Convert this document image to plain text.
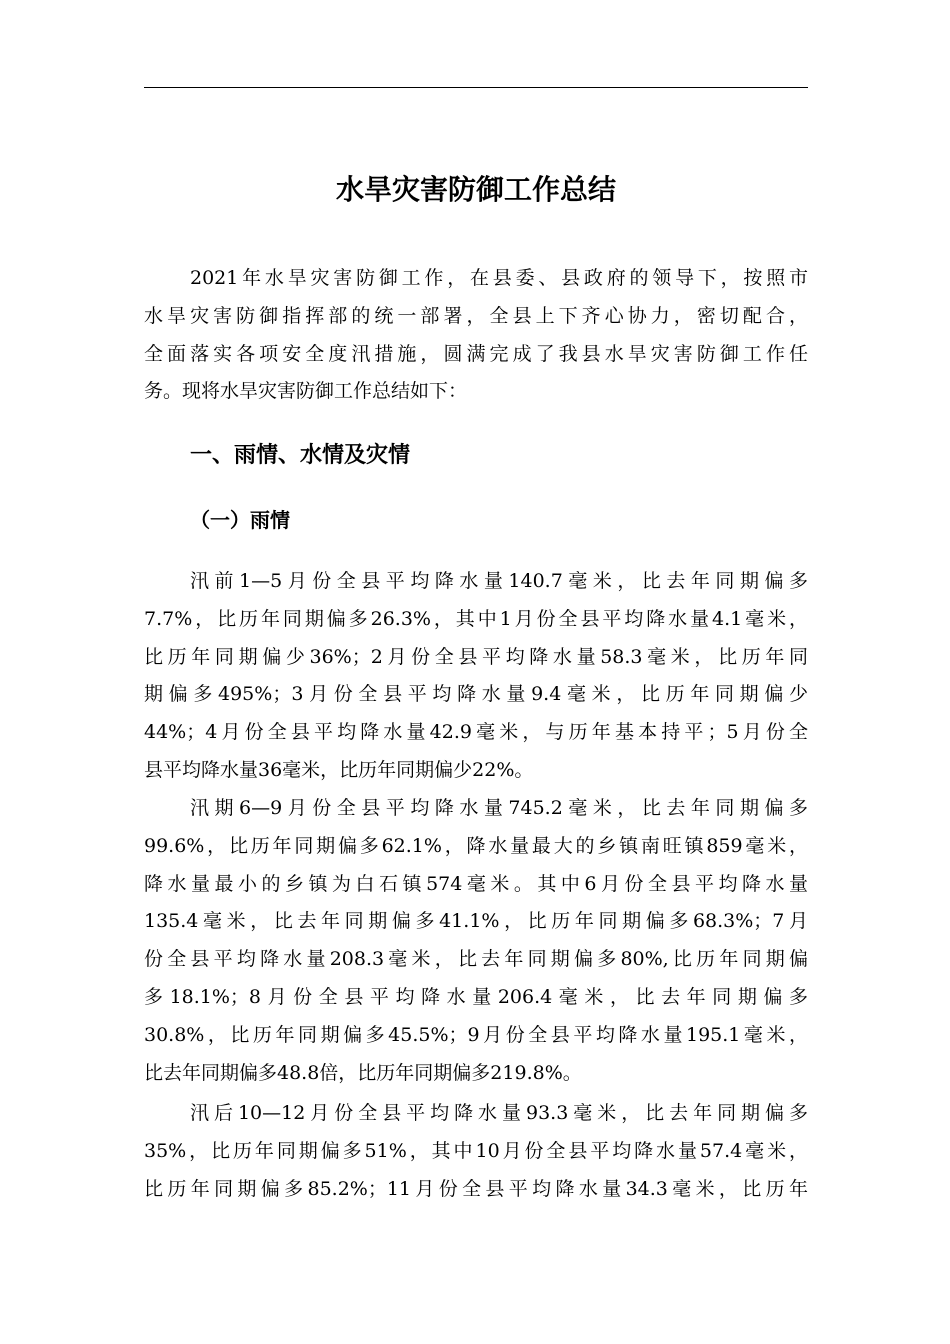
水旱灾害防御工作总结
2021年水旱灾害防御工作，在县委、县政府的领导下，按照市
水旱灾害防御指挥部的统一部署，全县上下齐心协力，密切配合，
全面落实各项安全度汛措施，圆满完成了我县水旱灾害防御工作任
务。现将水旱灾害防御工作总结如下：
一、雨情、水情及灾情
（一）雨情
汛前1—5月份全县平均降水量140.7毫米，比去年同期偏多
7.7%，比历年同期偏多26.3%，其中1月份全县平均降水量4.1毫米，
比历年同期偏少36%；2月份全县平均降水量58.3毫米，比历年同
期偏多495%；3月份全县平均降水量9.4毫米，比历年同期偏少
44%；4月份全县平均降水量42.9毫米，与历年基本持平；5月份全
县平均降水量36毫米，比历年同期偏少22%。
汛期6—9月份全县平均降水量745.2毫米，比去年同期偏多
99.6%，比历年同期偏多62.1%，降水量最大的乡镇南旺镇859毫米，
降水量最小的乡镇为白石镇574毫米。其中6月份全县平均降水量
135.4毫米，比去年同期偏多41.1%，比历年同期偏多68.3%；7月
份全县平均降水量208.3毫米，比去年同期偏多80%,比历年同期偏
多18.1%；8月份全县平均降水量206.4毫米，比去年同期偏多
30.8%，比历年同期偏多45.5%；9月份全县平均降水量195.1毫米，
比去年同期偏多48.8倍，比历年同期偏多219.8%。
汛后10—12月份全县平均降水量93.3毫米，比去年同期偏多
35%，比历年同期偏多51%，其中10月份全县平均降水量57.4毫米，
比历年同期偏多85.2%；11月份全县平均降水量34.3毫米，比历年
